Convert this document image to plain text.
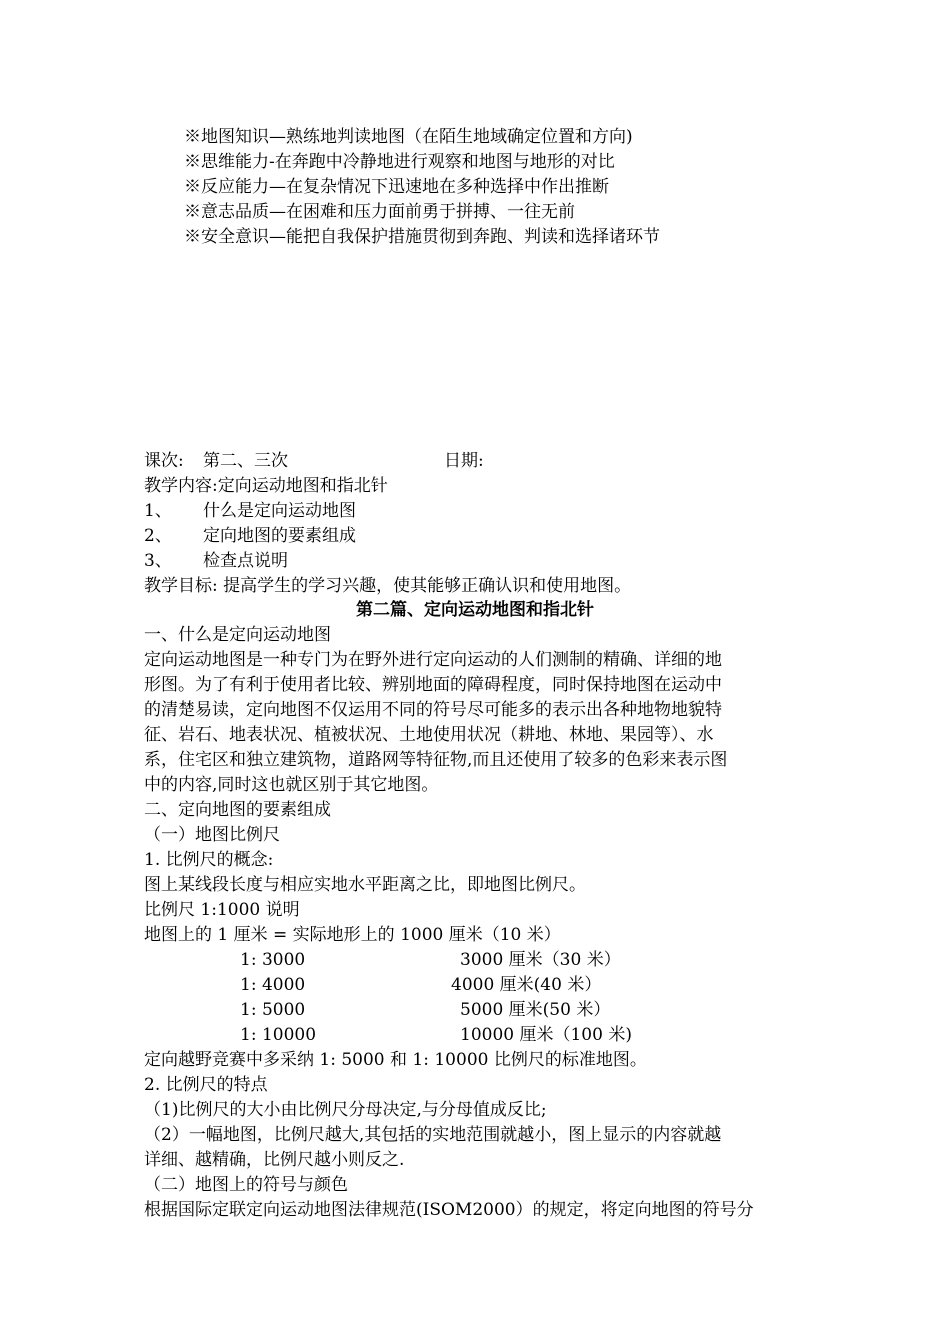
※地图知识—熟练地判读地图（在陌生地域确定位置和方向)
※思维能力-在奔跑中冷静地进行观察和地图与地形的对比
※反应能力—在复杂情况下迅速地在多种选择中作出推断
※意志品质—在困难和压力面前勇于拼搏、一往无前
※安全意识—能把自我保护措施贯彻到奔跑、判读和选择诸环节
课次: 第二、三次	日期:
教学内容:定向运动地图和指北针
1、 什么是定向运动地图
2、 定向地图的要素组成
3、 检查点说明
教学目标: 提高学生的学习兴趣，使其能够正确认识和使用地图。
第二篇、定向运动地图和指北针
一、什么是定向运动地图
定向运动地图是一种专门为在野外进行定向运动的人们测制的精确、详细的地
形图。为了有利于使用者比较、辨别地面的障碍程度，同时保持地图在运动中
的清楚易读，定向地图不仅运用不同的符号尽可能多的表示出各种地物地貌特
征、岩石、地表状况、植被状况、土地使用状况（耕地、林地、果园等）、水
系，住宅区和独立建筑物，道路网等特征物,而且还使用了较多的色彩来表示图
中的内容,同时这也就区别于其它地图。
二、定向地图的要素组成
（一）地图比例尺
1. 比例尺的概念:
图上某线段长度与相应实地水平距离之比，即地图比例尺。
比例尺 1:1000 说明
地图上的 1 厘米 = 实际地形上的 1000 厘米（10 米）
1: 3000	3000 厘米（30 米）
1: 4000	4000 厘米(40 米）
1: 5000	5000 厘米(50 米）
1: 10000	10000 厘米（100 米)
定向越野竞赛中多采纳 1: 5000 和 1: 10000 比例尺的标准地图。
2. 比例尺的特点
（1)比例尺的大小由比例尺分母决定,与分母值成反比;
（2）一幅地图，比例尺越大,其包括的实地范围就越小，图上显示的内容就越
详细、越精确，比例尺越小则反之.
（二）地图上的符号与颜色
根据国际定联定向运动地图法律规范(ISOM2000）的规定，将定向地图的符号分
